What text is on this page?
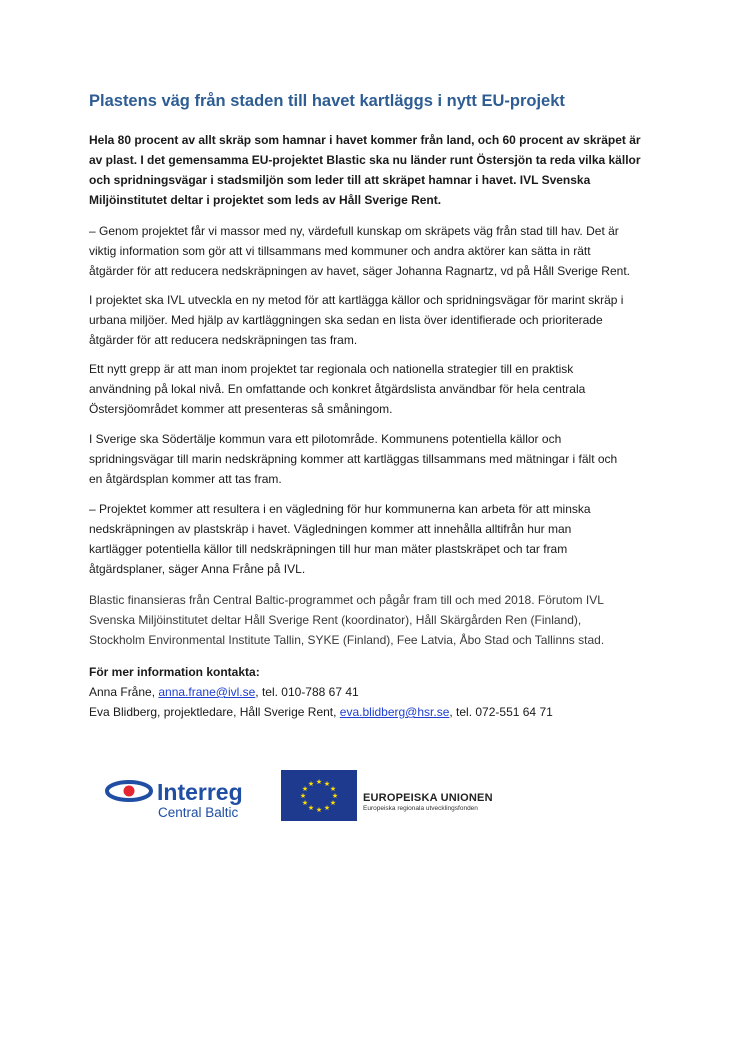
Plastens väg från staden till havet kartläggs i nytt EU-projekt

Hela 80 procent av allt skräp som hamnar i havet kommer från land, och 60 procent av skräpet är
av plast. I det gemensamma EU-projektet Blastic ska nu länder runt Östersjön ta reda vilka källor
och spridningsvägar i stadsmiljön som leder till att skräpet hamnar i havet. IVL Svenska
Miljöinstitutet deltar i projektet som leds av Håll Sverige Rent.

– Genom projektet får vi massor med ny, värdefull kunskap om skräpets väg från stad till hav. Det är
viktig information som gör att vi tillsammans med kommuner och andra aktörer kan sätta in rätt
åtgärder för att reducera nedskräpningen av havet, säger Johanna Ragnartz, vd på Håll Sverige Rent.

I projektet ska IVL utveckla en ny metod för att kartlägga källor och spridningsvägar för marint skräp i
urbana miljöer. Med hjälp av kartläggningen ska sedan en lista över identifierade och prioriterade
åtgärder för att reducera nedskräpningen tas fram.

Ett nytt grepp är att man inom projektet tar regionala och nationella strategier till en praktisk
användning på lokal nivå. En omfattande och konkret åtgärdslista användbar för hela centrala
Östersjöområdet kommer att presenteras så småningom.

I Sverige ska Södertälje kommun vara ett pilotområde. Kommunens potentiella källor och
spridningsvägar till marin nedskräpning kommer att kartläggas tillsammans med mätningar i fält och
en åtgärdsplan kommer att tas fram.

– Projektet kommer att resultera i en vägledning för hur kommunerna kan arbeta för att minska
nedskräpningen av plastskräp i havet. Vägledningen kommer att innehålla alltifrån hur man
kartlägger potentiella källor till nedskräpningen till hur man mäter plastskräpet och tar fram
åtgärdsplaner, säger Anna Fråne på IVL.

Blastic finansieras från Central Baltic-programmet och pågår fram till och med 2018. Förutom IVL
Svenska Miljöinstitutet deltar Håll Sverige Rent (koordinator), Håll Skärgården Ren (Finland),
Stockholm Environmental Institute Tallin, SYKE (Finland), Fee Latvia, Åbo Stad och Tallinns stad.

För mer information kontakta:
Anna Fråne, anna.frane@ivl.se, tel. 010-788 67 41
Eva Blidberg, projektledare, Håll Sverige Rent, eva.blidberg@hsr.se, tel. 072-551 64 71
Interreg
Central Baltic
★ ★
★
★
★
★
★
★
★
★
★
★
EUROPEISKA UNIONEN
Europeiska regionala utvecklingsfonden
